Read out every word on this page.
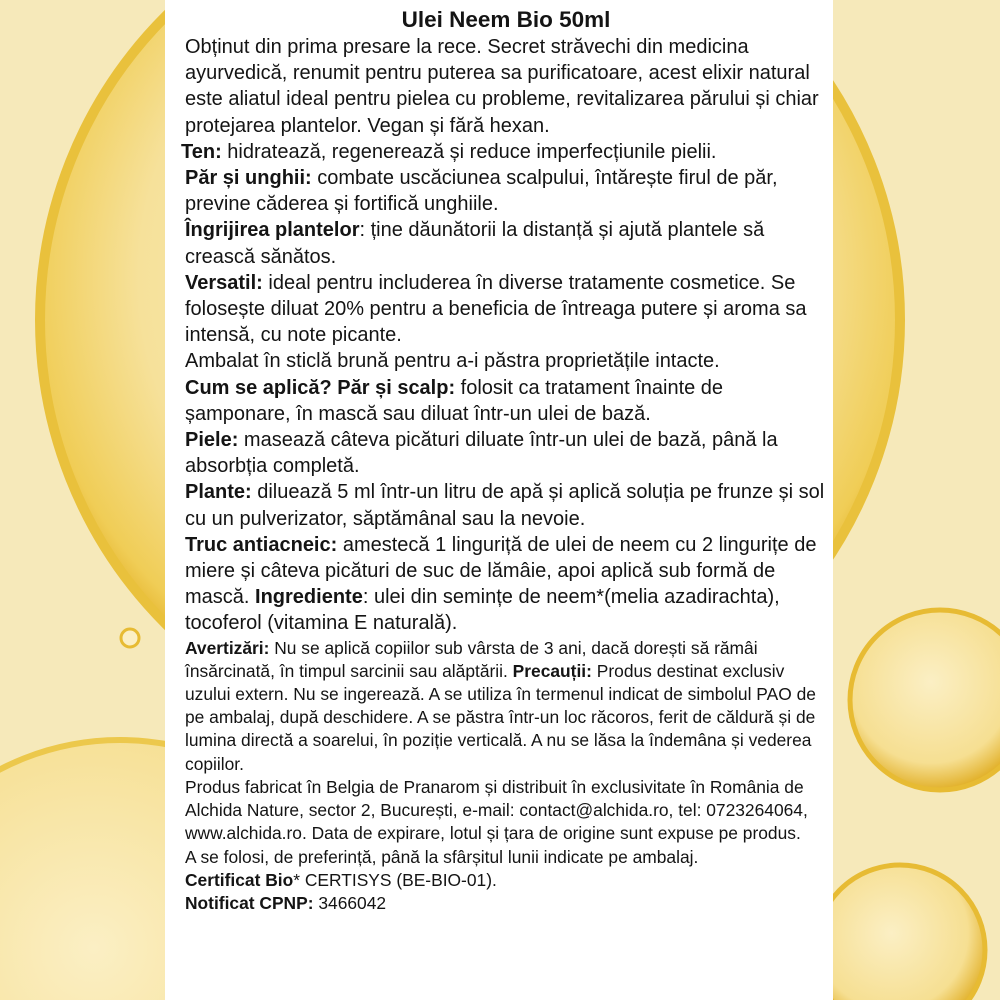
Ulei Neem Bio 50ml

Obținut din prima presare la rece. Secret străvechi din medicina ayurvedică, renumit pentru puterea sa purificatoare, acest elixir natural este aliatul ideal pentru pielea cu probleme, revitalizarea părului și chiar protejarea plantelor. Vegan și fără hexan.

Ten: hidratează, regenerează și reduce imperfecțiunile pielii.

Păr și unghii: combate uscăciunea scalpului, întărește firul de păr, previne căderea și fortifică unghiile.

Îngrijirea plantelor: ține dăunătorii la distanță și ajută plantele să crească sănătos.

Versatil: ideal pentru includerea în diverse tratamente cosmetice. Se folosește diluat 20% pentru a beneficia de întreaga putere și aroma sa intensă, cu note picante.

Ambalat în sticlă brună pentru a-i păstra proprietățile intacte.

Cum se aplică? Păr și scalp: folosit ca tratament înainte de șamponare, în mască sau diluat într-un ulei de bază.

Piele: masează câteva picături diluate într-un ulei de bază, până la absorbția completă.

Plante: diluează 5 ml într-un litru de apă și aplică soluția pe frunze și sol cu un pulverizator, săptămânal sau la nevoie.

Truc antiacneic: amestecă 1 linguriță de ulei de neem cu 2 lingurițe de miere și câteva picături de suc de lămâie, apoi aplică sub formă de mască. Ingrediente: ulei din semințe de neem*(melia azadirachta), tocoferol (vitamina E naturală).

Avertizări: Nu se aplică copiilor sub vârsta de 3 ani, dacă dorești să rămâi însărcinată, în timpul sarcinii sau alăptării. Precauții: Produs destinat exclusiv uzului extern. Nu se ingerează. A se utiliza în termenul indicat de simbolul PAO de pe ambalaj, după deschidere. A se păstra într-un loc răcoros, ferit de căldură și de lumina directă a soarelui, în poziție verticală. A nu se lăsa la îndemâna și vederea copiilor.

Produs fabricat în Belgia de Pranarom și distribuit în exclusivitate în România de Alchida Nature, sector 2, București, e-mail: contact@alchida.ro, tel: 0723264064, www.alchida.ro. Data de expirare, lotul și țara de origine sunt expuse pe produs.

A se folosi, de preferință, până la sfârșitul lunii indicate pe ambalaj.

Certificat Bio* CERTISYS (BE-BIO-01).

Notificat CPNP: 3466042
